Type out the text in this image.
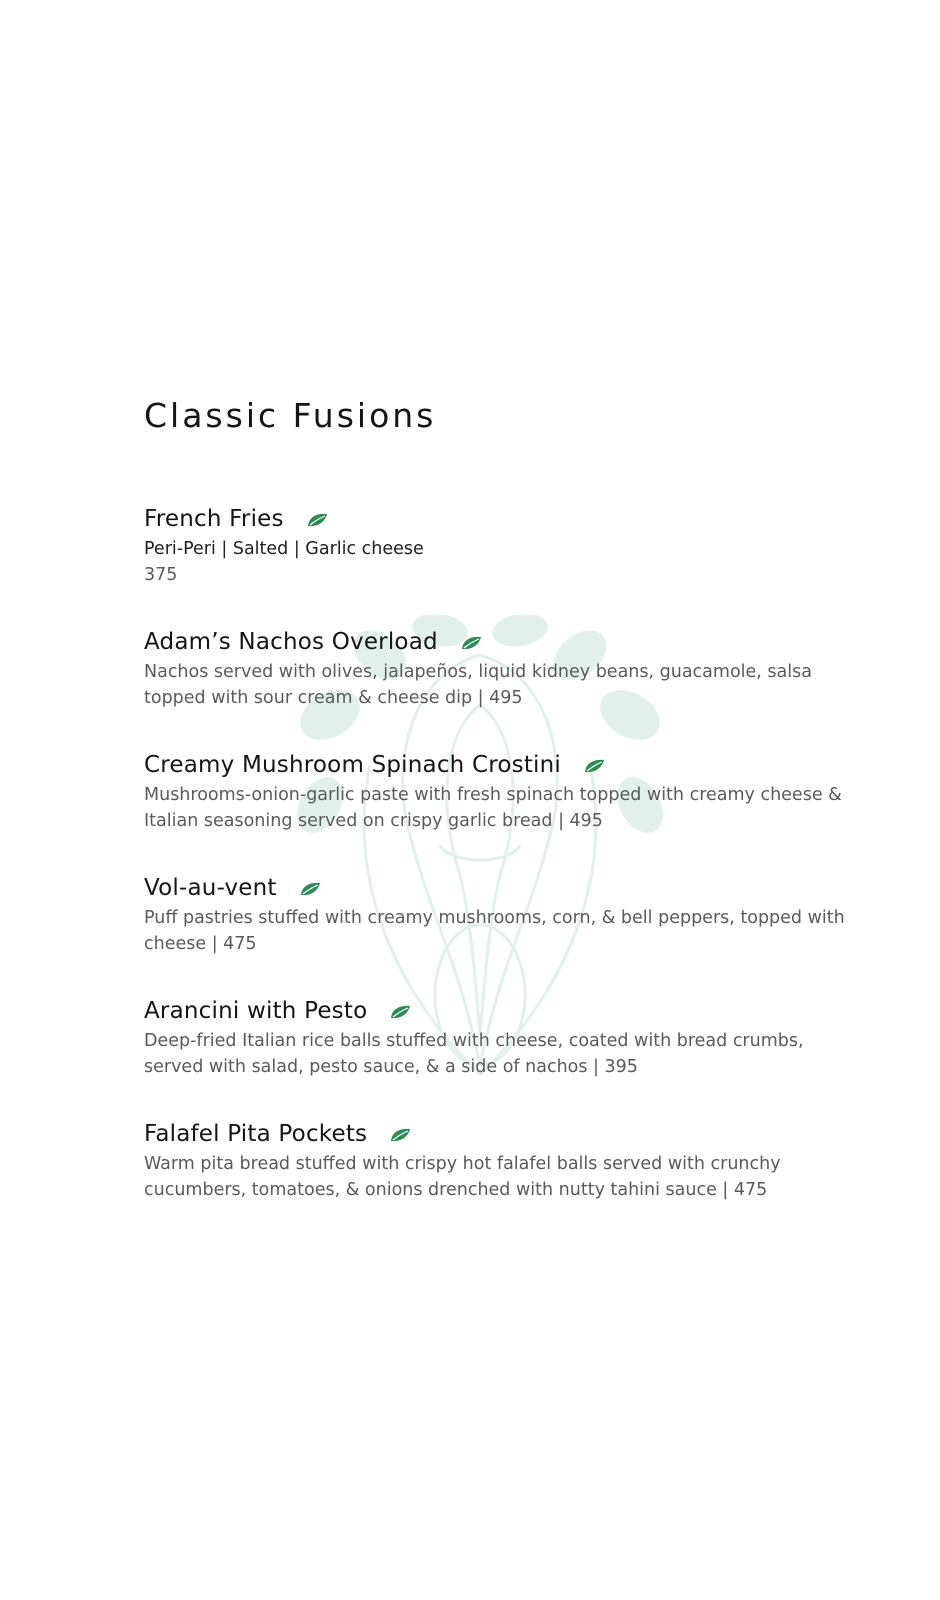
Classic Fusions
French Fries
Peri-Peri | Salted | Garlic cheese
375
Adam’s Nachos Overload
Nachos served with olives, jalapeños, liquid kidney beans, guacamole, salsa topped with sour cream & cheese dip | 495
Creamy Mushroom Spinach Crostini
Mushrooms-onion-garlic paste with fresh spinach topped with creamy cheese & Italian seasoning served on crispy garlic bread | 495
Vol-au-vent
Puff pastries stuffed with creamy mushrooms, corn, & bell peppers, topped with cheese | 475
Arancini with Pesto
Deep-fried Italian rice balls stuffed with cheese, coated with bread crumbs, served with salad, pesto sauce, & a side of nachos | 395
Falafel Pita Pockets
Warm pita bread stuffed with crispy hot falafel balls served with crunchy cucumbers, tomatoes, & onions drenched with nutty tahini sauce | 475
